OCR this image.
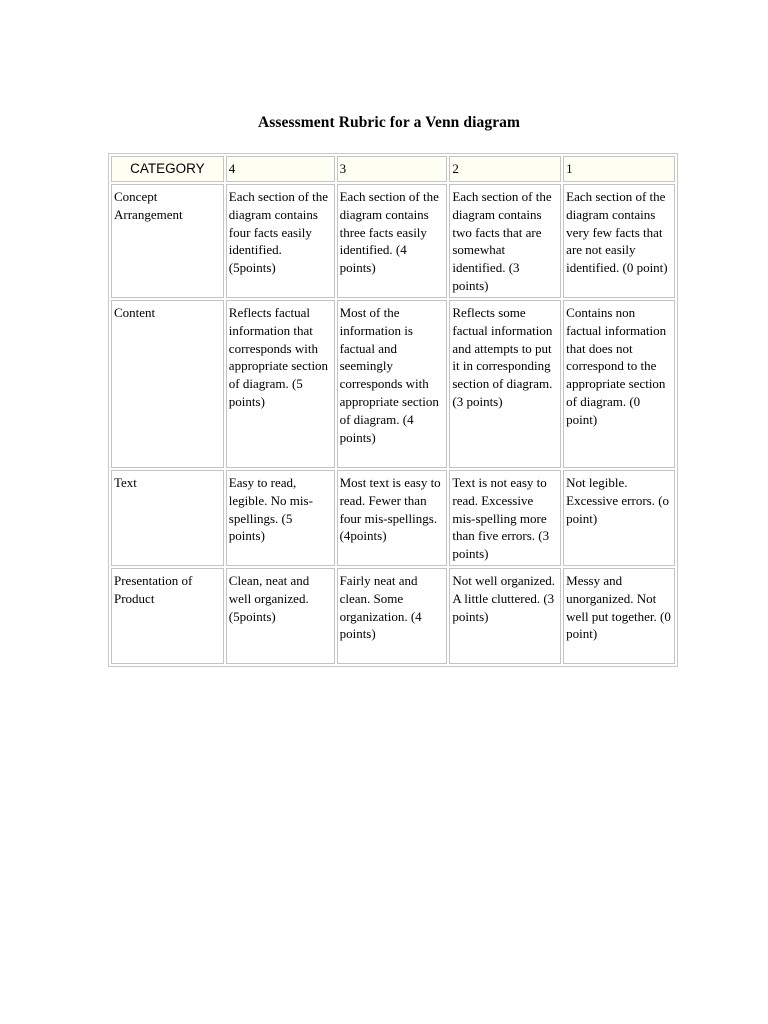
Assessment Rubric for a Venn diagram
CATEGORY	4	3	2	1
Concept Arrangement	Each section of the diagram contains four facts easily identified. (5points)	Each section of the diagram contains three facts easily identified. (4 points)	Each section of the diagram contains two facts that are somewhat identified. (3 points)	Each section of the diagram contains very few facts that are not easily identified. (0 point)
Content	Reflects factual information that corresponds with appropriate section of diagram. (5 points)	Most of the information is factual and seemingly corresponds with appropriate section of diagram. (4 points)	Reflects some factual information and attempts to put it in corresponding section of diagram. (3 points)	Contains non factual information that does not correspond to the appropriate section of diagram. (0 point)
Text	Easy to read, legible. No mis-spellings. (5 points)	Most text is easy to read. Fewer than four mis-spellings. (4points)	Text is not easy to read. Excessive mis-spelling more than five errors. (3 points)	Not legible. Excessive errors. (o point)
Presentation of Product	Clean, neat and well organized. (5points)	Fairly neat and clean. Some organization. (4 points)	Not well organized. A little cluttered. (3 points)	Messy and unorganized. Not well put together. (0 point)
